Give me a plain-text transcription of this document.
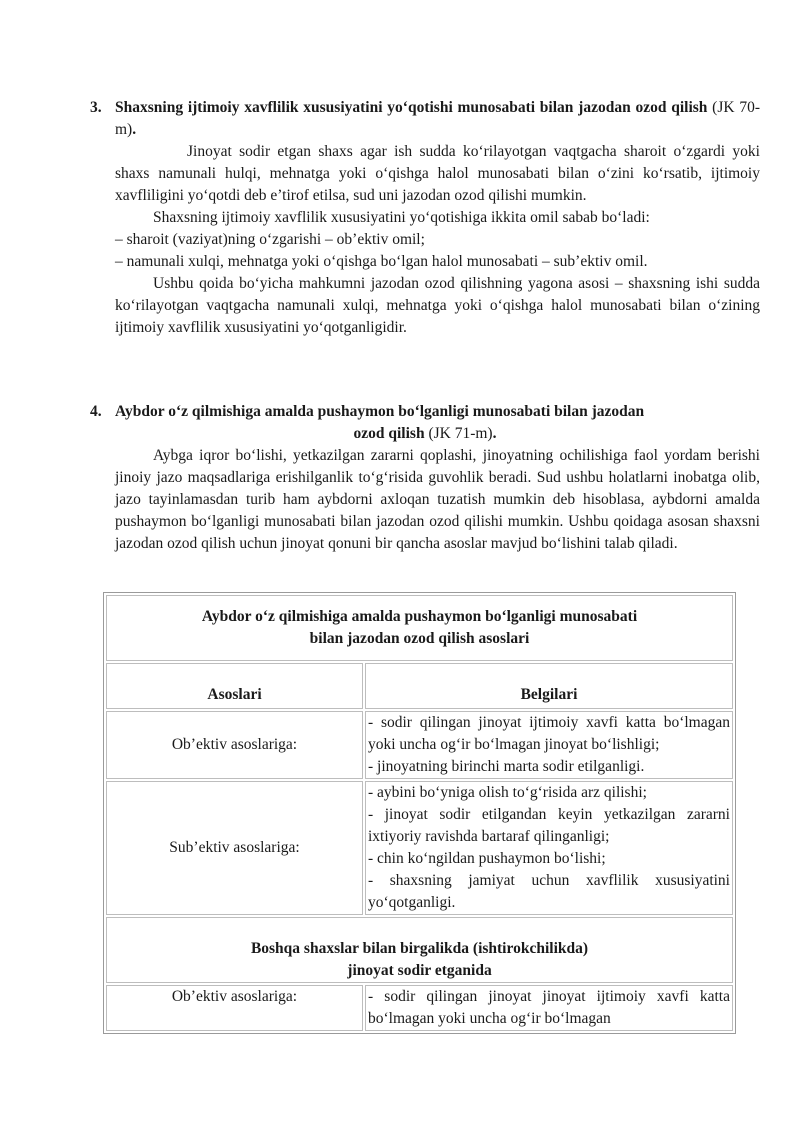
3. Shaxsning ijtimoiy xavflilik xususiyatini yo‘qotishi munosabati bilan jazodan ozod qilish (JK 70-m).

Jinoyat sodir etgan shaxs agar ish sudda ko‘rilayotgan vaqtgacha sharoit o‘zgardi yoki shaxs namunali hulqi, mehnatga yoki o‘qishga halol munosabati bilan o‘zini ko‘rsatib, ijtimoiy xavfliligini yo‘qotdi deb e’tirof etilsa, sud uni jazodan ozod qilishi mumkin.

Shaxsning ijtimoiy xavflilik xususiyatini yo‘qotishiga ikkita omil sabab bo‘ladi:

– sharoit (vaziyat)ning o‘zgarishi – ob’ektiv omil;

– namunali xulqi, mehnatga yoki o‘qishga bo‘lgan halol munosabati – sub’ektiv omil.

Ushbu qoida bo‘yicha mahkumni jazodan ozod qilishning yagona asosi – shaxsning ishi sudda ko‘rilayotgan vaqtgacha namunali xulqi, mehnatga yoki o‘qishga halol munosabati bilan o‘zining ijtimoiy xavflilik xususiyatini yo‘qotganligidir.

4. Aybdor o‘z qilmishiga amalda pushaymon bo‘lganligi munosabati bilan jazodan
ozod qilish (JK 71-m).

Aybga iqror bo‘lishi, yetkazilgan zararni qoplashi, jinoyatning ochilishiga faol yordam berishi jinoiy jazo maqsadlariga erishilganlik to‘g‘risida guvohlik beradi. Sud ushbu holatlarni inobatga olib, jazo tayinlamasdan turib ham aybdorni axloqan tuzatish mumkin deb hisoblasa, aybdorni amalda pushaymon bo‘lganligi munosabati bilan jazodan ozod qilishi mumkin. Ushbu qoidaga asosan shaxsni jazodan ozod qilish uchun jinoyat qonuni bir qancha asoslar mavjud bo‘lishini talab qiladi.

Aybdor o‘z qilmishiga amalda pushaymon bo‘lganligi munosabati
bilan jazodan ozod qilish asoslari	

Asoslari	Belgilari
Ob’ektiv asoslariga:	- sodir qilingan jinoyat ijtimoiy xavfi katta bo‘lmagan yoki uncha og‘ir bo‘lmagan jinoyat bo‘lishligi;
- jinoyatning birinchi marta sodir etilganligi.

Sub’ektiv asoslariga:	- aybini bo‘yniga olish to‘g‘risida arz qilishi;
- jinoyat sodir etilgandan keyin yetkazilgan zararni ixtiyoriy ravishda bartaraf qilinganligi;
- chin ko‘ngildan pushaymon bo‘lishi;
- shaxsning jamiyat uchun xavflilik xususiyatini yo‘qotganligi.

Boshqa shaxslar bilan birgalikda (ishtirokchilikda)
jinoyat sodir etganida	

Ob’ektiv asoslariga:	- sodir qilingan jinoyat jinoyat ijtimoiy xavfi katta bo‘lmagan yoki uncha og‘ir bo‘lmagan
